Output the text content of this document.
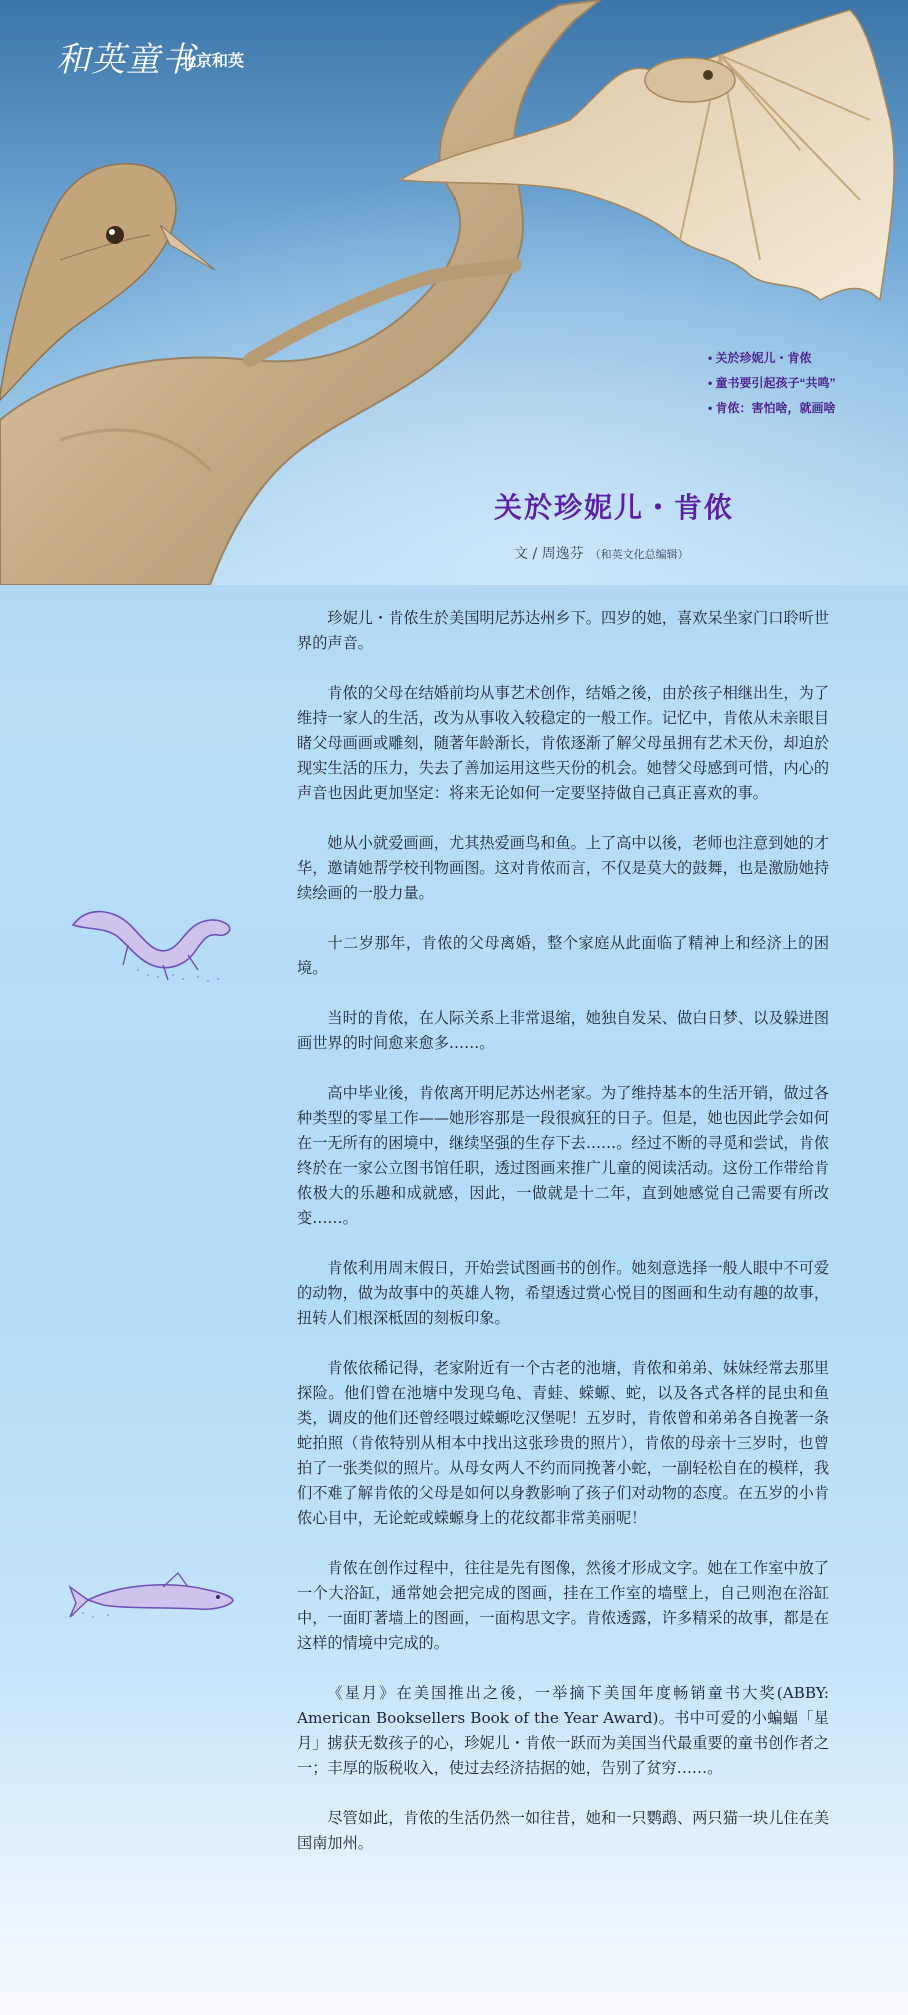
和英童书
北京和英
• 关於珍妮儿・肯侬
• 童书要引起孩子“共鸣”
• 肯侬：害怕啥，就画啥
关於珍妮儿・肯侬
文 / 周逸芬 （和英文化总编辑）

珍妮儿・肯侬生於美国明尼苏达州乡下。四岁的她，喜欢呆坐家门口聆听世界的声音。

肯侬的父母在结婚前均从事艺术创作，结婚之後，由於孩子相继出生，为了维持一家人的生活，改为从事收入较稳定的一般工作。记忆中，肯侬从未亲眼目睹父母画画或雕刻，随著年龄渐长，肯侬逐渐了解父母虽拥有艺术天份，却迫於现实生活的压力，失去了善加运用这些天份的机会。她替父母感到可惜，内心的声音也因此更加坚定：将来无论如何一定要坚持做自己真正喜欢的事。

她从小就爱画画，尤其热爱画鸟和鱼。上了高中以後，老师也注意到她的才华，邀请她帮学校刊物画图。这对肯侬而言，不仅是莫大的鼓舞，也是激励她持续绘画的一股力量。

十二岁那年，肯侬的父母离婚，整个家庭从此面临了精神上和经济上的困境。

当时的肯侬，在人际关系上非常退缩，她独自发呆、做白日梦、以及躲进图画世界的时间愈来愈多……。

高中毕业後，肯侬离开明尼苏达州老家。为了维持基本的生活开销，做过各种类型的零星工作——她形容那是一段很疯狂的日子。但是，她也因此学会如何在一无所有的困境中，继续坚强的生存下去……。经过不断的寻觅和尝试，肯侬终於在一家公立图书馆任职，透过图画来推广儿童的阅读活动。这份工作带给肯侬极大的乐趣和成就感，因此，一做就是十二年，直到她感觉自己需要有所改变……。

肯侬利用周末假日，开始尝试图画书的创作。她刻意选择一般人眼中不可爱的动物，做为故事中的英雄人物，希望透过赏心悦目的图画和生动有趣的故事，扭转人们根深柢固的刻板印象。

肯侬依稀记得，老家附近有一个古老的池塘，肯侬和弟弟、妹妹经常去那里探险。他们曾在池塘中发现乌龟、青蛙、蝾螈、蛇，以及各式各样的昆虫和鱼类，调皮的他们还曾经喂过蝾螈吃汉堡呢！五岁时，肯侬曾和弟弟各自挽著一条蛇拍照（肯侬特别从相本中找出这张珍贵的照片），肯侬的母亲十三岁时，也曾拍了一张类似的照片。从母女两人不约而同挽著小蛇，一副轻松自在的模样，我们不难了解肯侬的父母是如何以身教影响了孩子们对动物的态度。在五岁的小肯侬心目中，无论蛇或蝾螈身上的花纹都非常美丽呢！

肯侬在创作过程中，往往是先有图像，然後才形成文字。她在工作室中放了一个大浴缸，通常她会把完成的图画，挂在工作室的墙壁上，自己则泡在浴缸中，一面盯著墙上的图画，一面构思文字。肯侬透露，许多精采的故事，都是在这样的情境中完成的。

《星月》在美国推出之後，一举摘下美国年度畅销童书大奖(ABBY: American Booksellers Book of the Year Award)。书中可爱的小蝙蝠「星月」掳获无数孩子的心，珍妮儿・肯侬一跃而为美国当代最重要的童书创作者之一；丰厚的版税收入，使过去经济拮据的她，告别了贫穷……。

尽管如此，肯侬的生活仍然一如往昔，她和一只鹦鹉、两只猫一块儿住在美国南加州。
